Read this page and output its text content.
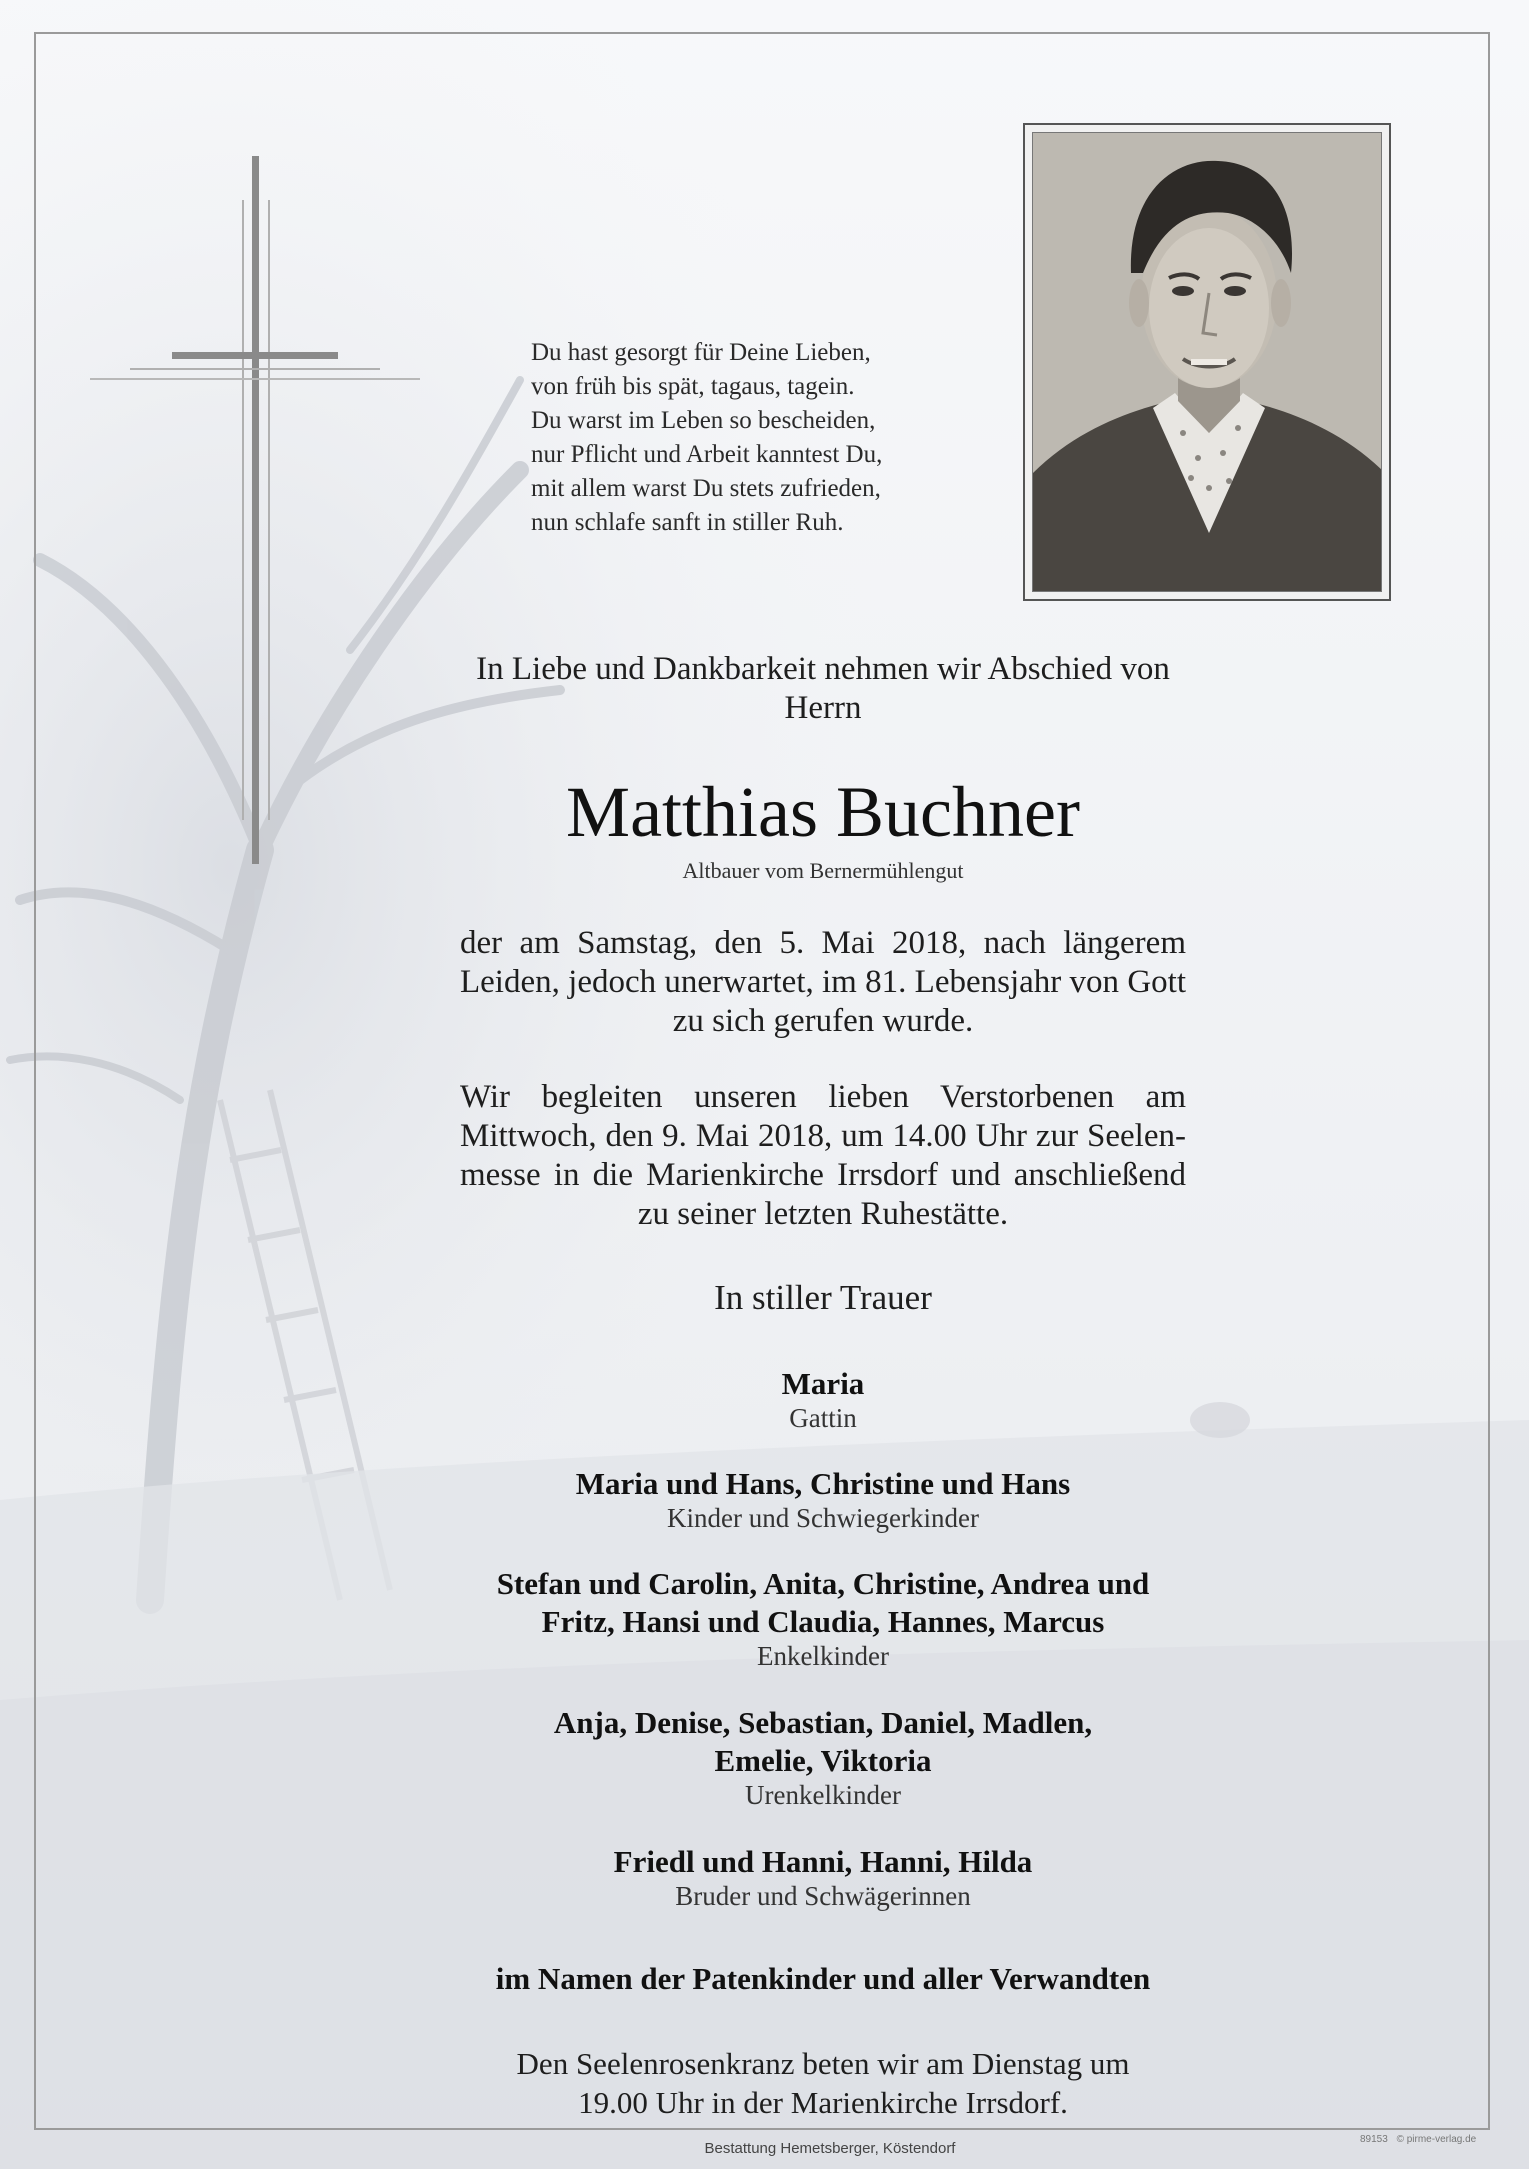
Du hast gesorgt für Deine Lieben,
von früh bis spät, tagaus, tagein.
Du warst im Leben so bescheiden,
nur Pflicht und Arbeit kanntest Du,
mit allem warst Du stets zufrieden,
nun schlafe sanft in stiller Ruh.
In Liebe und Dankbarkeit nehmen wir Abschied von
Herrn
Matthias Buchner
Altbauer vom Bernermühlengut
der am Samstag, den 5. Mai 2018, nach längerem Leiden, jedoch unerwartet, im 81. Lebensjahr von Gott zu sich gerufen wurde.
Wir begleiten unseren lieben Verstorbenen am Mittwoch, den 9. Mai 2018, um 14.00 Uhr zur Seelen-messe in die Marienkirche Irrsdorf und anschließend zu seiner letzten Ruhestätte.
In stiller Trauer
Maria
Gattin
Maria und Hans, Christine und Hans
Kinder und Schwiegerkinder
Stefan und Carolin, Anita, Christine, Andrea und
Fritz, Hansi und Claudia, Hannes, Marcus
Enkelkinder
Anja, Denise, Sebastian, Daniel, Madlen,
Emelie, Viktoria
Urenkelkinder
Friedl und Hanni, Hanni, Hilda
Bruder und Schwägerinnen
im Namen der Patenkinder und aller Verwandten
Den Seelenrosenkranz beten wir am Dienstag um
19.00 Uhr in der Marienkirche Irrsdorf.
Bestattung Hemetsberger, Köstendorf
89153 © pirme-verlag.de
